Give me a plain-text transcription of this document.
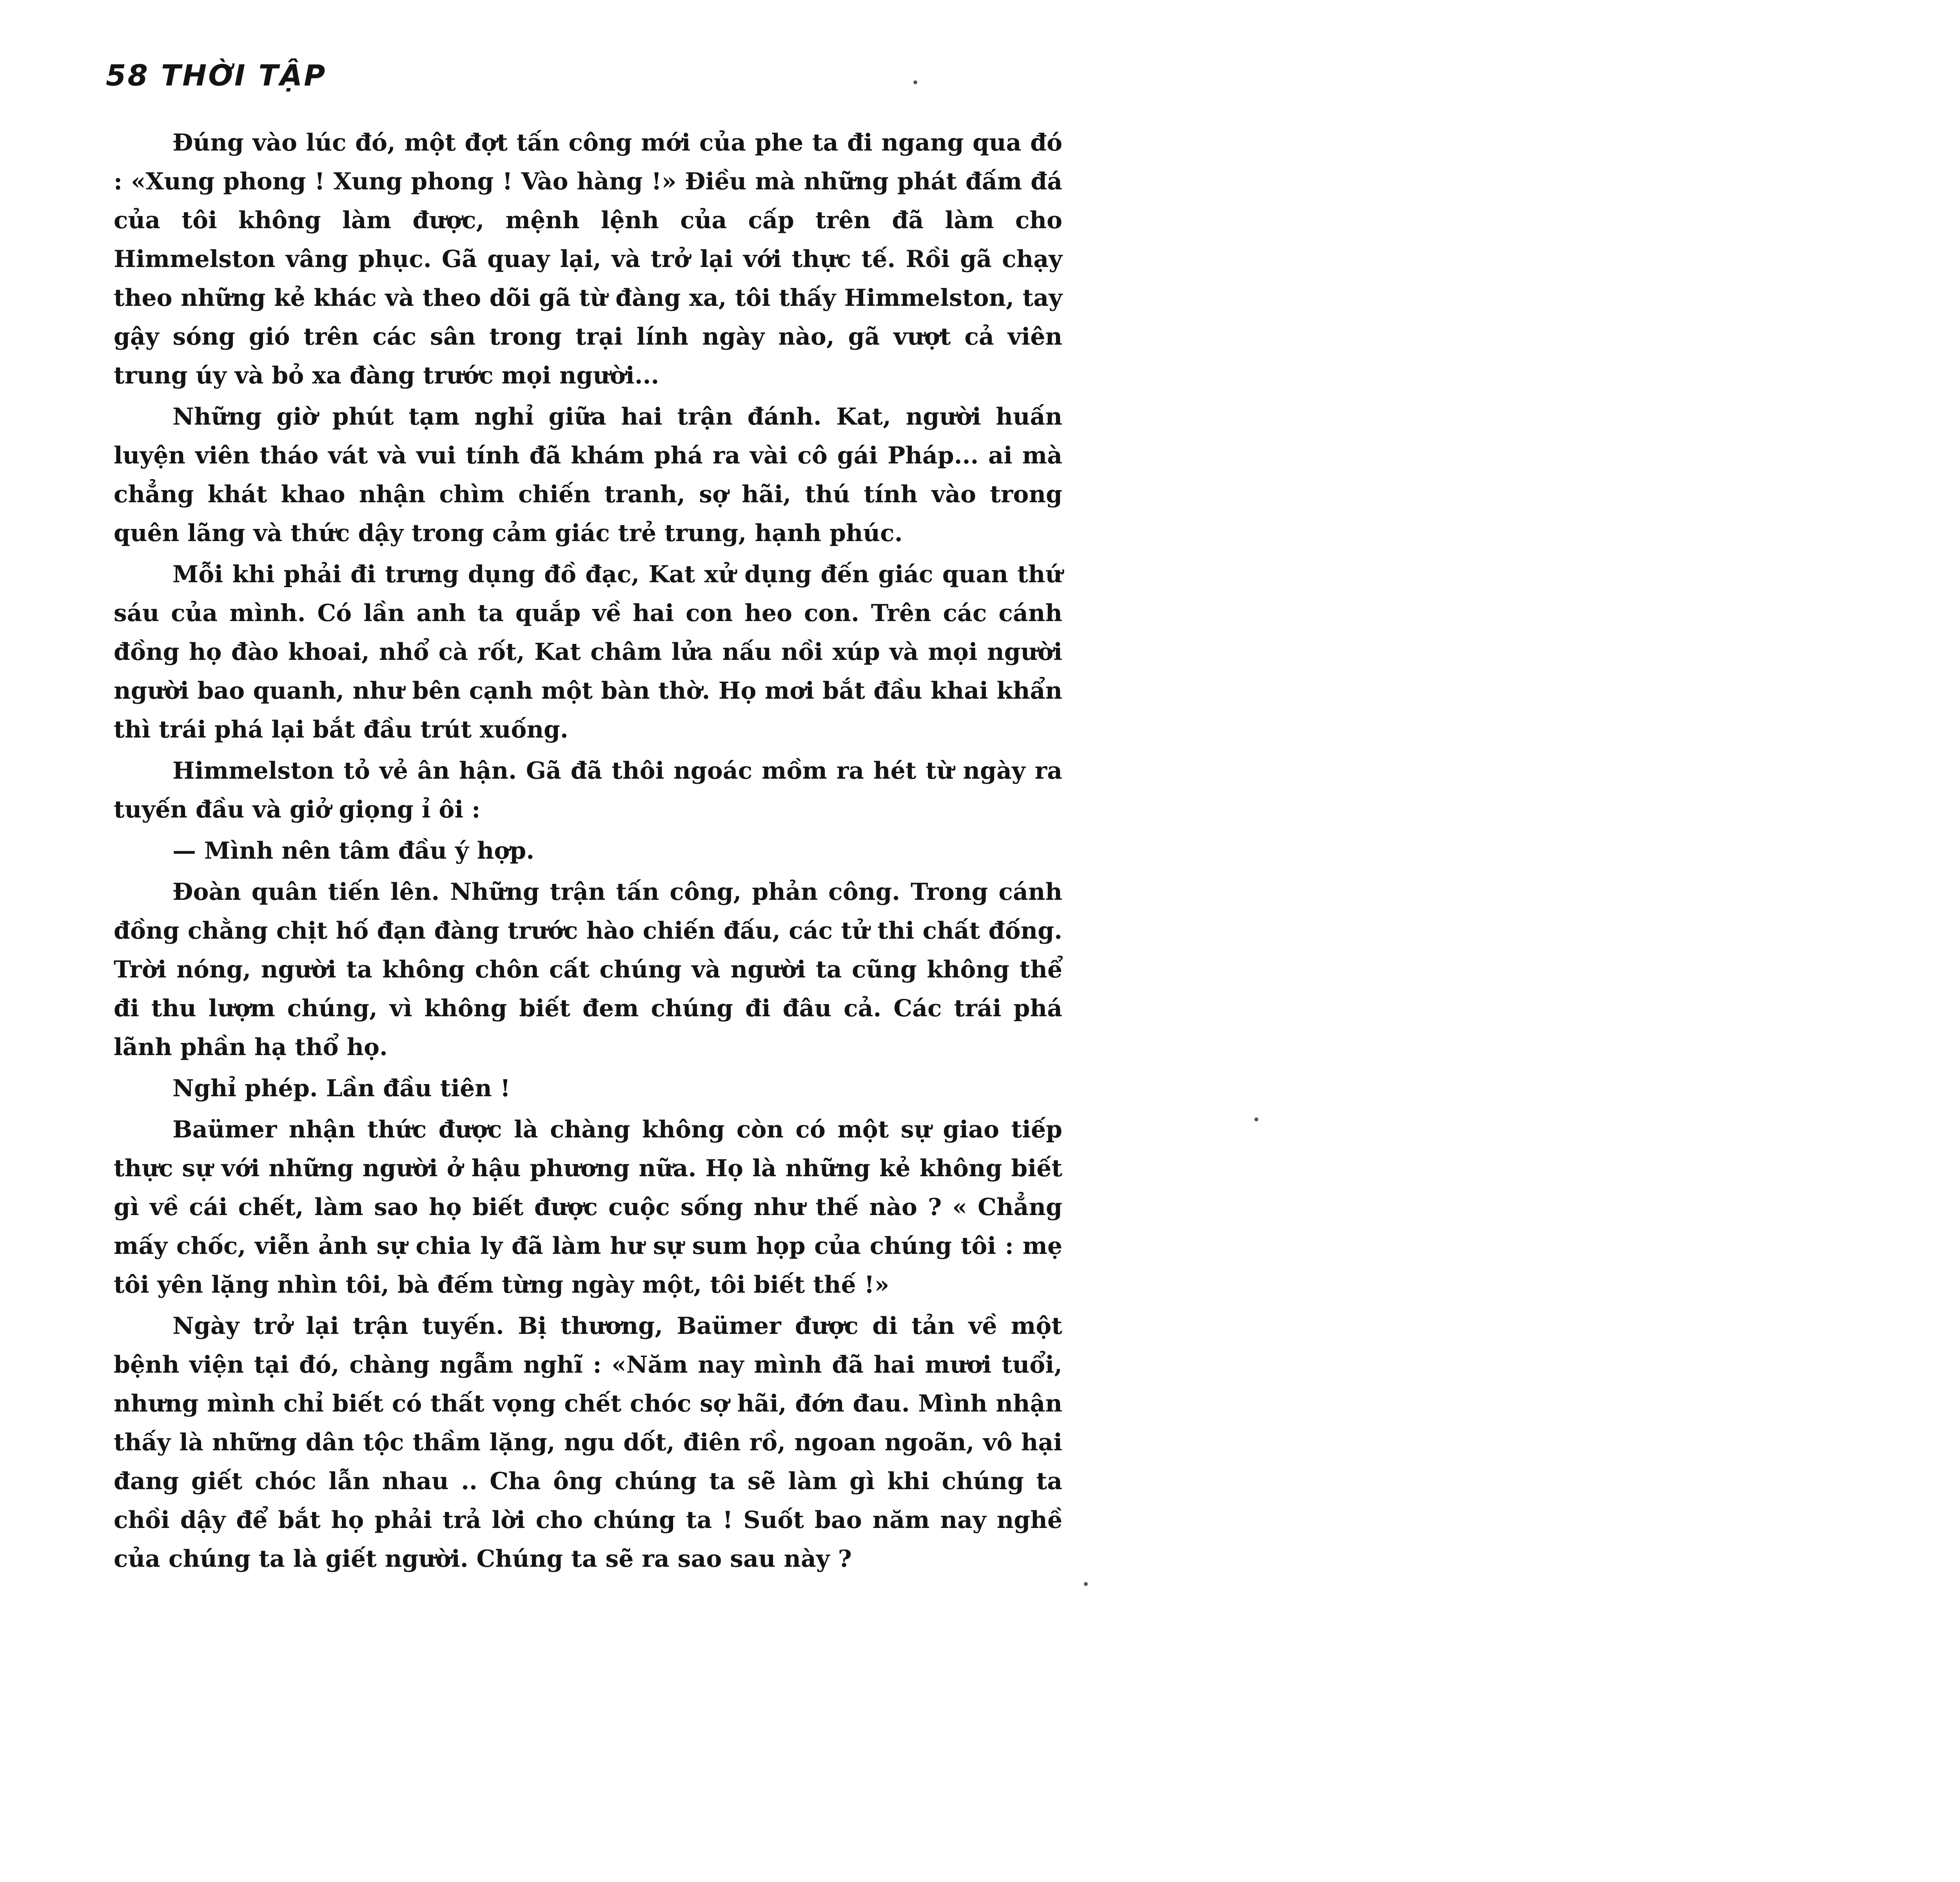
58 THỜI TẬP

Đúng vào lúc đó, một đợt tấn công mới của phe ta đi ngang qua đó : «Xung phong ! Xung phong ! Vào hàng !» Điều mà những phát đấm đá của tôi không làm được, mệnh lệnh của cấp trên đã làm cho Himmelston vâng phục. Gã quay lại, và trở lại với thực tế. Rồi gã chạy theo những kẻ khác và theo dõi gã từ đàng xa, tôi thấy Himmelston, tay gậy sóng gió trên các sân trong trại lính ngày nào, gã vượt cả viên trung úy và bỏ xa đàng trước mọi người...

Những giờ phút tạm nghỉ giữa hai trận đánh. Kat, người huấn luyện viên tháo vát và vui tính đã khám phá ra vài cô gái Pháp... ai mà chẳng khát khao nhận chìm chiến tranh, sợ hãi, thú tính vào trong quên lãng và thức dậy trong cảm giác trẻ trung, hạnh phúc.

Mỗi khi phải đi trưng dụng đồ đạc, Kat xử dụng đến giác quan thứ sáu của mình. Có lần anh ta quắp về hai con heo con. Trên các cánh đồng họ đào khoai, nhổ cà rốt, Kat châm lửa nấu nồi xúp và mọi người người bao quanh, như bên cạnh một bàn thờ. Họ mơi bắt đầu khai khẩn thì trái phá lại bắt đầu trút xuống.

Himmelston tỏ vẻ ân hận. Gã đã thôi ngoác mồm ra hét từ ngày ra tuyến đầu và giở giọng ỉ ôi :

— Mình nên tâm đầu ý hợp.

Đoàn quân tiến lên. Những trận tấn công, phản công. Trong cánh đồng chằng chịt hố đạn đàng trước hào chiến đấu, các tử thi chất đống. Trời nóng, người ta không chôn cất chúng và người ta cũng không thể đi thu lượm chúng, vì không biết đem chúng đi đâu cả. Các trái phá lãnh phần hạ thổ họ.

Nghỉ phép. Lần đầu tiên !

Baümer nhận thức được là chàng không còn có một sự giao tiếp thực sự với những người ở hậu phương nữa. Họ là những kẻ không biết gì về cái chết, làm sao họ biết được cuộc sống như thế nào ? « Chẳng mấy chốc, viễn ảnh sự chia ly đã làm hư sự sum họp của chúng tôi : mẹ tôi yên lặng nhìn tôi, bà đếm từng ngày một, tôi biết thế !»

Ngày trở lại trận tuyến. Bị thương, Baümer được di tản về một bệnh viện tại đó, chàng ngẫm nghĩ : «Năm nay mình đã hai mươi tuổi, nhưng mình chỉ biết có thất vọng chết chóc sợ hãi, đớn đau. Mình nhận thấy là những dân tộc thầm lặng, ngu dốt, điên rồ, ngoan ngoãn, vô hại đang giết chóc lẫn nhau .. Cha ông chúng ta sẽ làm gì khi chúng ta chồi dậy để bắt họ phải trả lời cho chúng ta ! Suốt bao năm nay nghề của chúng ta là giết người. Chúng ta sẽ ra sao sau này ?
